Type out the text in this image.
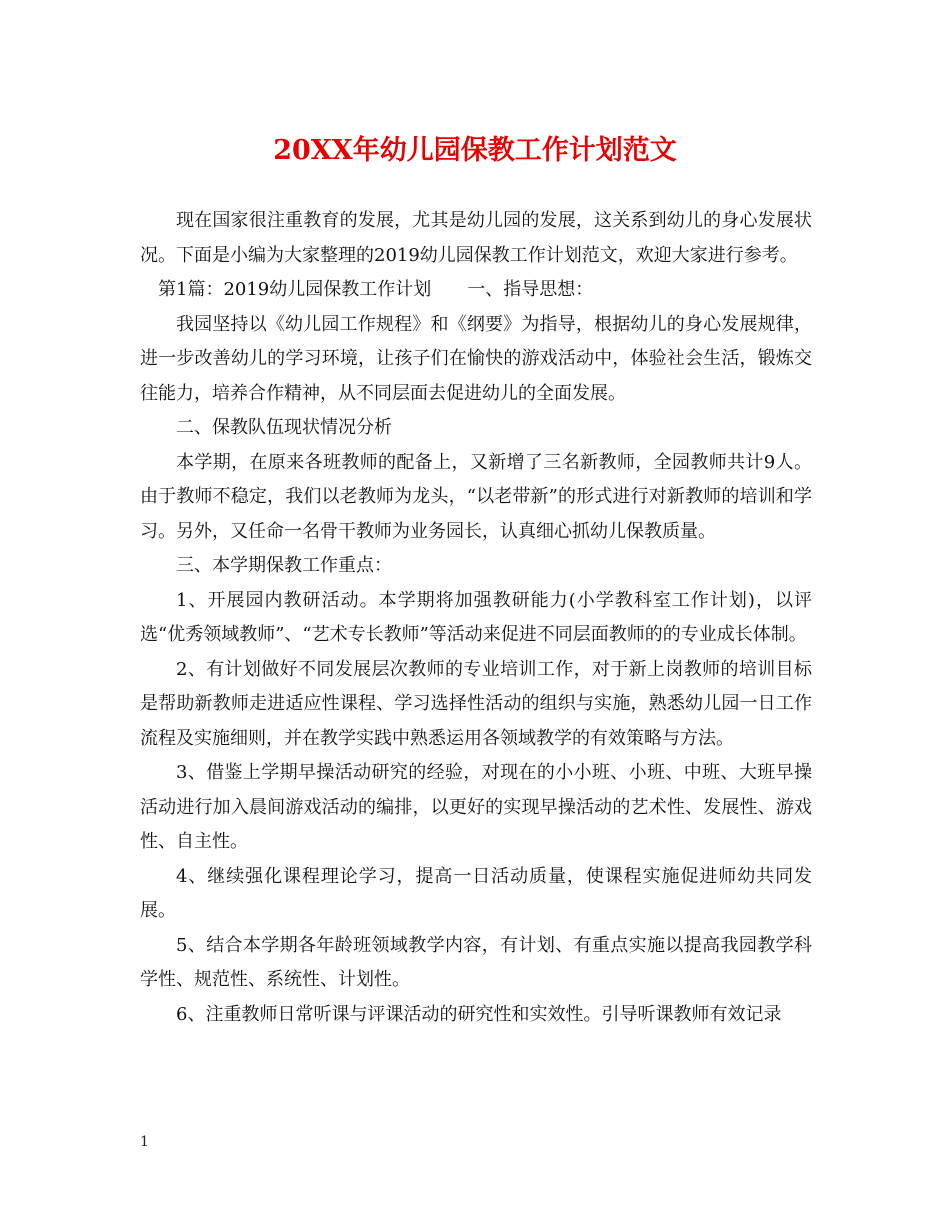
20XX年幼儿园保教工作计划范文

现在国家很注重教育的发展，尤其是幼儿园的发展，这关系到幼儿的身心发展状况。下面是小编为大家整理的2019幼儿园保教工作计划范文，欢迎大家进行参考。

第1篇：2019幼儿园保教工作计划　　一、指导思想：

我园坚持以《幼儿园工作规程》和《纲要》为指导，根据幼儿的身心发展规律，进一步改善幼儿的学习环境，让孩子们在愉快的游戏活动中，体验社会生活，锻炼交往能力，培养合作精神，从不同层面去促进幼儿的全面发展。

二、保教队伍现状情况分析

本学期，在原来各班教师的配备上，又新增了三名新教师，全园教师共计9人。由于教师不稳定，我们以老教师为龙头，“以老带新”的形式进行对新教师的培训和学习。另外，又任命一名骨干教师为业务园长，认真细心抓幼儿保教质量。

三、本学期保教工作重点：

1、开展园内教研活动。本学期将加强教研能力(小学教科室工作计划)，以评选“优秀领域教师”、“艺术专长教师”等活动来促进不同层面教师的的专业成长体制。

2、有计划做好不同发展层次教师的专业培训工作，对于新上岗教师的培训目标是帮助新教师走进适应性课程、学习选择性活动的组织与实施，熟悉幼儿园一日工作流程及实施细则，并在教学实践中熟悉运用各领域教学的有效策略与方法。

3、借鉴上学期早操活动研究的经验，对现在的小小班、小班、中班、大班早操活动进行加入晨间游戏活动的编排，以更好的实现早操活动的艺术性、发展性、游戏性、自主性。

4、继续强化课程理论学习，提高一日活动质量，使课程实施促进师幼共同发展。

5、结合本学期各年龄班领域教学内容，有计划、有重点实施以提高我园教学科学性、规范性、系统性、计划性。

6、注重教师日常听课与评课活动的研究性和实效性。引导听课教师有效记录

1
